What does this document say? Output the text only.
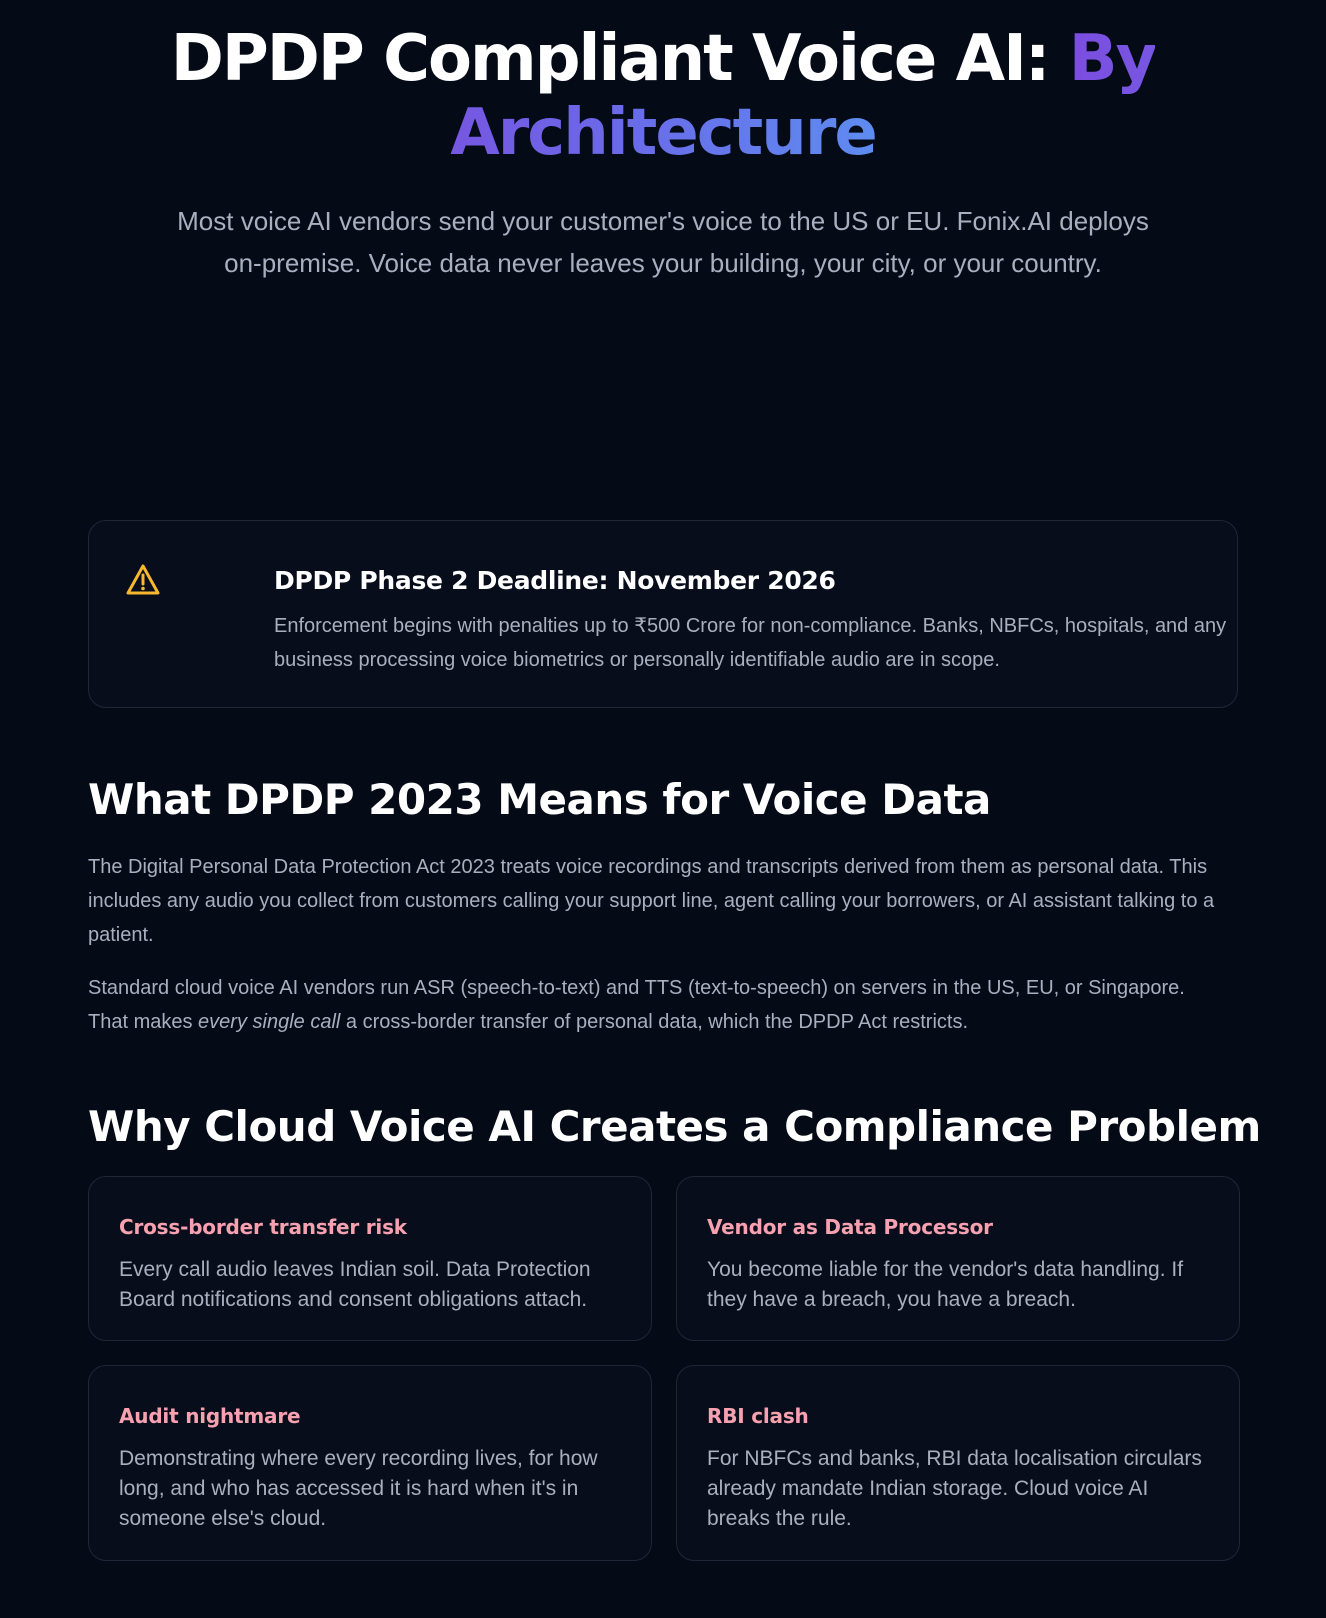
DPDP Compliant Voice AI: By Architecture

Most voice AI vendors send your customer's voice to the US or EU. Fonix.AI deploys on-premise. Voice data never leaves your building, your city, or your country.

DPDP Phase 2 Deadline: November 2026

Enforcement begins with penalties up to ₹500 Crore for non-compliance. Banks, NBFCs, hospitals, and any business processing voice biometrics or personally identifiable audio are in scope.

What DPDP 2023 Means for Voice Data

The Digital Personal Data Protection Act 2023 treats voice recordings and transcripts derived from them as personal data. This includes any audio you collect from customers calling your support line, agent calling your borrowers, or AI assistant talking to a patient.

Standard cloud voice AI vendors run ASR (speech-to-text) and TTS (text-to-speech) on servers in the US, EU, or Singapore. That makes every single call a cross-border transfer of personal data, which the DPDP Act restricts.

Why Cloud Voice AI Creates a Compliance Problem
Cross-border transfer risk

Every call audio leaves Indian soil. Data Protection Board notifications and consent obligations attach.

Vendor as Data Processor

You become liable for the vendor's data handling. If they have a breach, you have a breach.

Audit nightmare

Demonstrating where every recording lives, for how long, and who has accessed it is hard when it's in someone else's cloud.

RBI clash

For NBFCs and banks, RBI data localisation circulars already mandate Indian storage. Cloud voice AI breaks the rule.
